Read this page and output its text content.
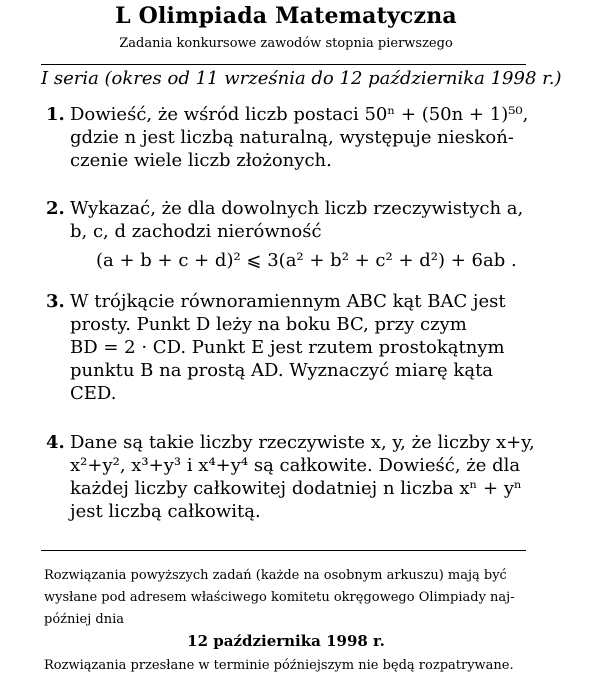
L Olimpiada Matematyczna
Zadania konkursowe zawodów stopnia pierwszego
I seria (okres od 11 września do 12 października 1998 r.)
1. Dowieść, że wśród liczb postaci 50ⁿ + (50n + 1)⁵⁰,
gdzie n jest liczbą naturalną, występuje nieskoń-
czenie wiele liczb złożonych.
2. Wykazać, że dla dowolnych liczb rzeczywistych a,
b, c, d zachodzi nierówność
(a + b + c + d)² ⩽ 3(a² + b² + c² + d²) + 6ab .
3. W trójkącie równoramiennym ABC kąt BAC jest
prosty. Punkt D leży na boku BC, przy czym
BD = 2 · CD. Punkt E jest rzutem prostokątnym
punktu B na prostą AD. Wyznaczyć miarę kąta
CED.
4. Dane są takie liczby rzeczywiste x, y, że liczby x+y,
x²+y², x³+y³ i x⁴+y⁴ są całkowite. Dowieść, że dla
każdej liczby całkowitej dodatniej n liczba xⁿ + yⁿ
jest liczbą całkowitą.
Rozwiązania powyższych zadań (każde na osobnym arkuszu) mają być
wysłane pod adresem właściwego komitetu okręgowego Olimpiady naj-
później dnia
12 października 1998 r.
Rozwiązania przesłane w terminie późniejszym nie będą rozpatrywane.
